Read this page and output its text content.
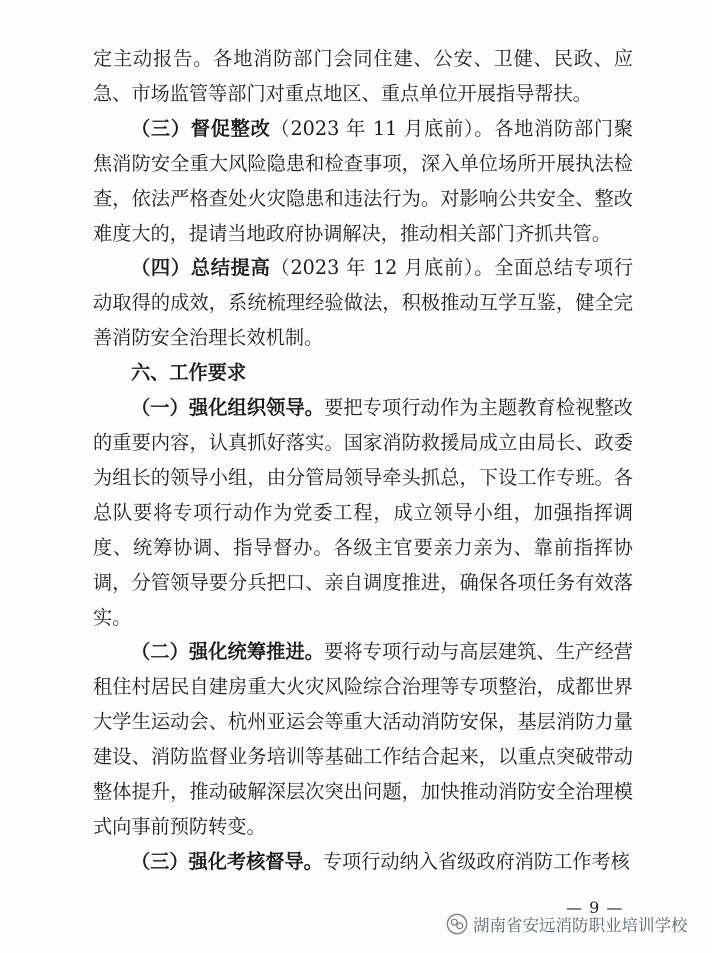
定主动报告。各地消防部门会同住建、公安、卫健、民政、应急、市场监管等部门对重点地区、重点单位开展指导帮扶。

（三）督促整改（2023 年 11 月底前）。各地消防部门聚焦消防安全重大风险隐患和检查事项，深入单位场所开展执法检查，依法严格查处火灾隐患和违法行为。对影响公共安全、整改难度大的，提请当地政府协调解决，推动相关部门齐抓共管。

（四）总结提高（2023 年 12 月底前）。全面总结专项行动取得的成效，系统梳理经验做法，积极推动互学互鉴，健全完善消防安全治理长效机制。

六、工作要求

（一）强化组织领导。要把专项行动作为主题教育检视整改的重要内容，认真抓好落实。国家消防救援局成立由局长、政委为组长的领导小组，由分管局领导牵头抓总，下设工作专班。各总队要将专项行动作为党委工程，成立领导小组，加强指挥调度、统筹协调、指导督办。各级主官要亲力亲为、靠前指挥协调，分管领导要分兵把口、亲自调度推进，确保各项任务有效落实。

（二）强化统筹推进。要将专项行动与高层建筑、生产经营租住村居民自建房重大火灾风险综合治理等专项整治，成都世界大学生运动会、杭州亚运会等重大活动消防安保，基层消防力量建设、消防监督业务培训等基础工作结合起来，以重点突破带动整体提升，推动破解深层次突出问题，加快推动消防安全治理模式向事前预防转变。

（三）强化考核督导。专项行动纳入省级政府消防工作考核

— 9 —
湖南省安远消防职业培训学校
